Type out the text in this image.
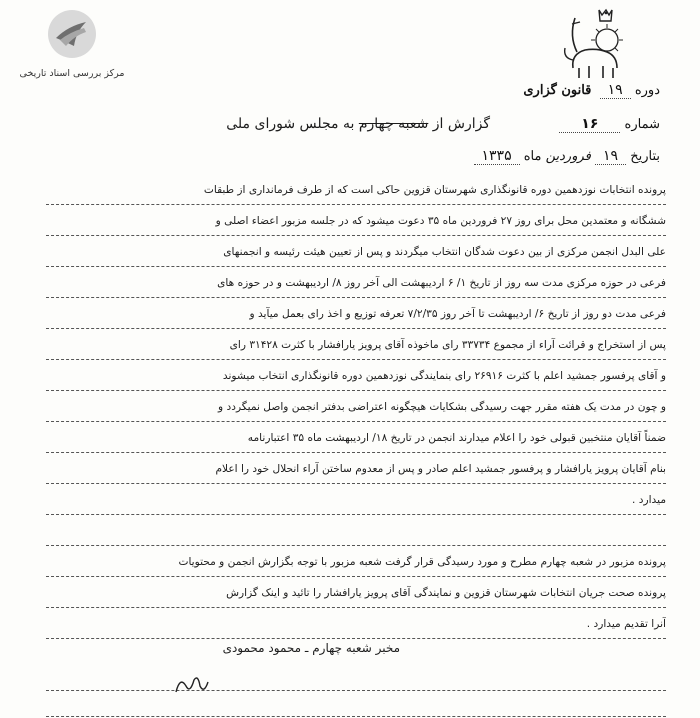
مرکز بررسی اسناد تاریخی
دوره ۱۹  قانون گزاری
شماره ۱۶
بتاریخ ۱۹ فروردین ماه ۱۳۳۵
گزارش از شعبه چهارم به مجلس شورای ملی
پرونده انتخابات نوزدهمین دوره قانونگذاری شهرستان قزوین حاکی است که از طرف فرمانداری از طبقات
ششگانه و معتمدین محل برای روز ۲۷ فروردین ماه ۳۵ دعوت میشود که در جلسه مزبور اعضاء اصلی و
علی البدل انجمن مرکزی از بین دعوت شدگان انتخاب میگردند و پس از تعیین هیئت رئیسه و انجمنهای
فرعی در حوزه مرکزی مدت سه روز از تاریخ ۱/ ۶ اردیبهشت الی آخر روز ۸/ اردیبهشت و در حوزه های
فرعی مدت دو روز از تاریخ ۶/ اردیبهشت تا آخر روز ۷/۲/۳۵ تعرفه توزیع و اخذ رای بعمل میآید و
پس از استخراج و قرائت آراء از مجموع ۳۳۷۳۴ رای ماخوذه آقای پرویز یارافشار با کثرت ۳۱۴۲۸ رای
و آقای پرفسور جمشید اعلم با کثرت ۲۶۹۱۶ رای بنمایندگی نوزدهمین دوره قانونگذاری انتخاب میشوند
و چون در مدت یک هفته مقرر جهت رسیدگی بشکایات هیچگونه اعتراضی بدفتر انجمن واصل نمیگردد و
ضمناً آقایان منتخبین قبولی خود را اعلام میدارند انجمن در تاریخ ۱۸/ اردیبهشت ماه ۳۵ اعتبارنامه
بنام آقایان پرویز یارافشار و پرفسور جمشید اعلم صادر و پس از معدوم ساختن آراء انحلال خود را اعلام
میدارد .
پرونده مزبور در شعبه چهارم مطرح و مورد رسیدگی قرار گرفت شعبه مزبور با توجه بگزارش انجمن و محتویات
پرونده صحت جریان انتخابات شهرستان قزوین و نمایندگی آقای پرویز یارافشار را تائید و اینک گزارش
آنرا تقدیم میدارد .
مخبر شعبه چهارم ـ محمود محمودی
